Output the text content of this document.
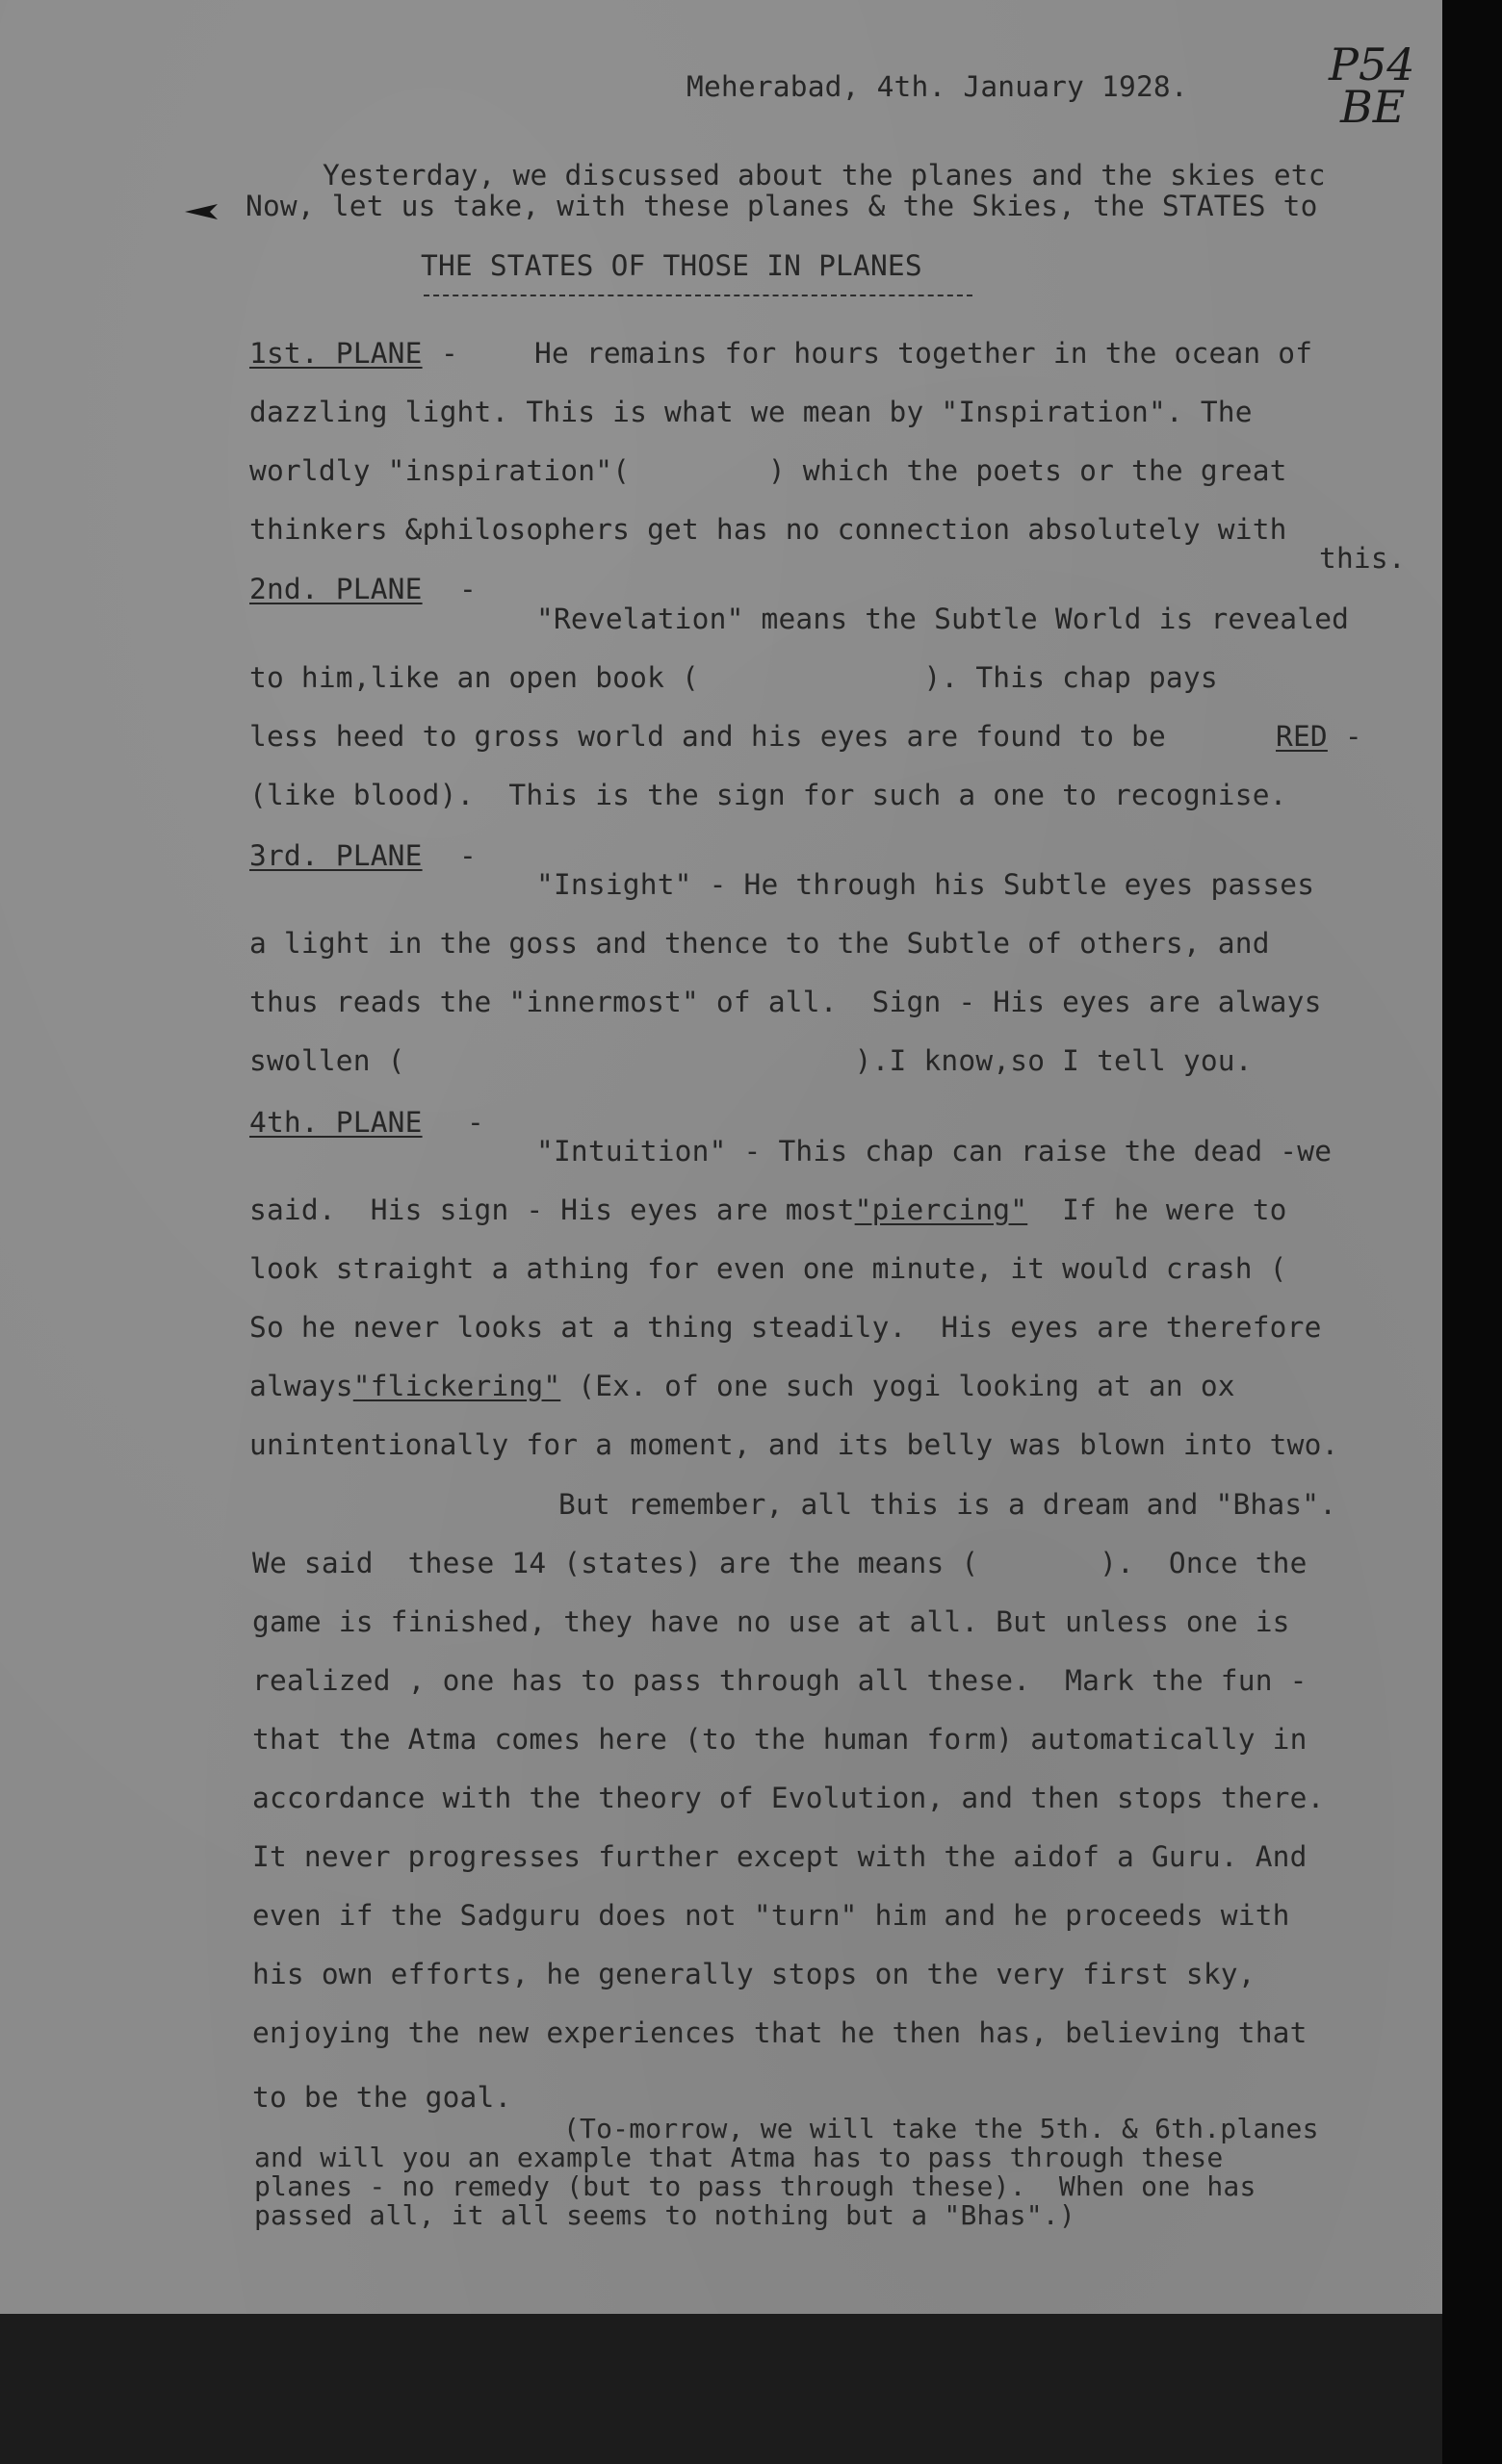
Meherabad, 4th. January 1928.	P54
BE
Yesterday, we discussed about the planes and the skies etc
Now, let us take, with these planes & the Skies, the STATES to
THE STATES OF THOSE IN PLANES
1st. PLANE -	He remains for hours together in the ocean of
dazzling light. This is what we mean by "Inspiration". The
worldly "inspiration"(        ) which the poets or the great
thinkers &philosophers get has no connection absolutely with
this.
2nd. PLANE -
"Revelation" means the Subtle World is revealed
to him,like an open book (             ). This chap pays
less heed to gross world and his eyes are found to be	RED -
(like blood).  This is the sign for such a one to recognise.
3rd. PLANE -
"Insight" - He through his Subtle eyes passes
a light in the goss and thence to the Subtle of others, and
thus reads the "innermost" of all.  Sign - His eyes are always
swollen (                          ).I know,so I tell you.
4th. PLANE -
"Intuition" - This chap can raise the dead -we
said.  His sign - His eyes are most"piercing" If he were to
look straight a athing for even one minute, it would crash (
So he never looks at a thing steadily.  His eyes are therefore
always"flickering" (Ex. of one such yogi looking at an ox
unintentionally for a moment, and its belly was blown into two.
But remember, all this is a dream and "Bhas".
We said  these 14 (states) are the means (       ).  Once the
game is finished, they have no use at all. But unless one is
realized , one has to pass through all these.  Mark the fun -
that the Atma comes here (to the human form) automatically in
accordance with the theory of Evolution, and then stops there.
It never progresses further except with the aidof a Guru. And
even if the Sadguru does not "turn" him and he proceeds with
his own efforts, he generally stops on the very first sky,
enjoying the new experiences that he then has, believing that
to be the goal.
(To-morrow, we will take the 5th. & 6th.planes
and will you an example that Atma has to pass through these
planes - no remedy (but to pass through these).  When one has
passed all, it all seems to nothing but a "Bhas".)
